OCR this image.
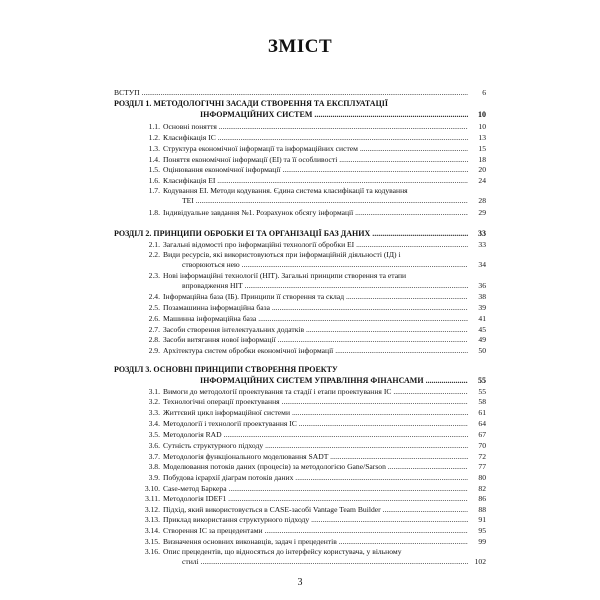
ЗМІСТ
ВСТУП .....	6
РОЗДІЛ 1. МЕТОДОЛОГІЧНІ ЗАСАДИ СТВОРЕННЯ ТА ЕКСПЛУАТАЦІЇ
ІНФОРМАЦІЙНИХ СИСТЕМ .....	10
1.1. Основні поняття .....	10
1.2. Класифікація ІС .....	13
1.3. Структура економічної інформації та інформаційних систем .....	15
1.4. Поняття економічної інформації (ЕІ) та її особливості .....	18
1.5. Оцінювання економічної інформації .....	20
1.6. Класифікація ЕІ .....	24
1.7. Кодування ЕІ. Методи кодування. Єдина система класифікації та кодування
ТЕІ .....	28
1.8. Індивідуальне завдання №1. Розрахунок обсягу інформації .....	29
РОЗДІЛ 2. ПРИНЦИПИ ОБРОБКИ ЕІ ТА ОРГАНІЗАЦІЇ БАЗ ДАНИХ .....	33
2.1. Загальні відомості про інформаційні технології обробки ЕІ .....	33
2.2. Види ресурсів, які використовуються при інформаційній діяльності (ІД) і
створюються нею .....	34
2.3. Нові інформаційні технології (НІТ). Загальні принципи створення та етапи
впровадження НІТ .....	36
2.4. Інформаційна база (ІБ). Принципи її створення та склад .....	38
2.5. Позамашинна інформаційна база .....	39
2.6. Машинна інформаційна база .....	41
2.7. Засоби створення інтелектуальних додатків .....	45
2.8. Засоби витягання нової інформації .....	49
2.9. Архітектура систем обробки економічної інформації .....	50
РОЗДІЛ 3. ОСНОВНІ ПРИНЦИПИ СТВОРЕННЯ ПРОЕКТУ
ІНФОРМАЦІЙНИХ СИСТЕМ УПРАВЛІННЯ ФІНАНСАМИ .....	55
3.1. Вимоги до методології проектування та стадії і етапи проектування ІС .....	55
3.2. Технологічні операції проектування .....	58
3.3. Життєвий цикл інформаційної системи .....	61
3.4. Методології і технології проектування ІС .....	64
3.5. Методологія RAD .....	67
3.6. Сутність структурного підходу .....	70
3.7. Методологія функціонального моделювання SADT .....	72
3.8. Моделювання потоків даних (процесів) за методологією Gane/Sarson .....	77
3.9. Побудова ієрархії діаграм потоків даних .....	80
3.10. Case-метод Баркера .....	82
3.11. Методологія IDEF1 .....	86
3.12. Підхід, який використовується в CASE-засобі Vantage Team Builder .....	88
3.13. Приклад використання структурного підходу .....	91
3.14. Створення ІС за прецедентами .....	95
3.15. Визначення основних виконавців, задач і прецедентів .....	99
3.16. Опис прецедентів, що відносяться до інтерфейсу користувача, у вільному
стилі .....	102
3
